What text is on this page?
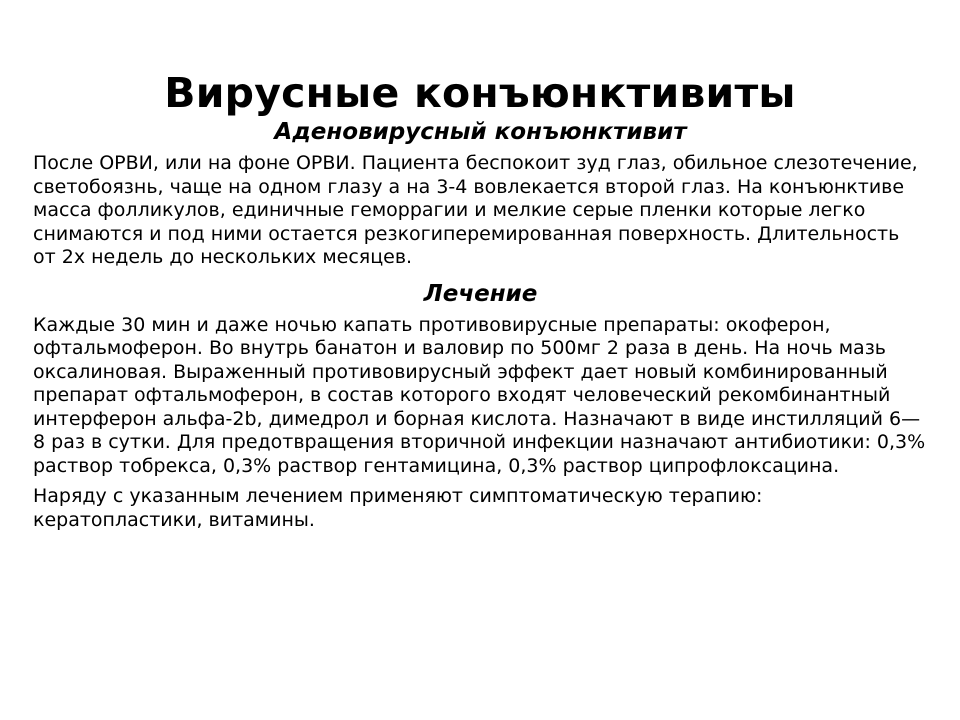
Вирусные конъюнктивиты
Аденовирусный конъюнктивит

После ОРВИ, или на фоне ОРВИ. Пациента беспокоит зуд глаз, обильное слезотечение, светобоязнь, чаще на одном глазу а на 3-4 вовлекается второй глаз. На конъюнктиве масса фолликулов, единичные геморрагии и мелкие серые пленки которые легко снимаются и под ними остается резкогиперемированная поверхность. Длительность от 2х недель до нескольких месяцев.

Лечение

Каждые 30 мин и даже ночью капать противовирусные препараты: окоферон, офтальмоферон. Во внутрь банатон и валовир по 500мг 2 раза в день. На ночь мазь оксалиновая. Выраженный противовирусный эффект дает новый комбинированный препарат офтальмоферон, в состав которого входят человеческий рекомбинантный интерферон альфа-2b, димедрол и борная кислота. Назначают в виде инстилляций 6—8 раз в сутки. Для предотвращения вторичной инфекции назначают антибиотики: 0,3% раствор тобрекса, 0,3% раствор гентамицина, 0,3% раствор ципрофлоксацина.

Наряду с указанным лечением применяют симптоматическую терапию: кератопластики, витамины.
